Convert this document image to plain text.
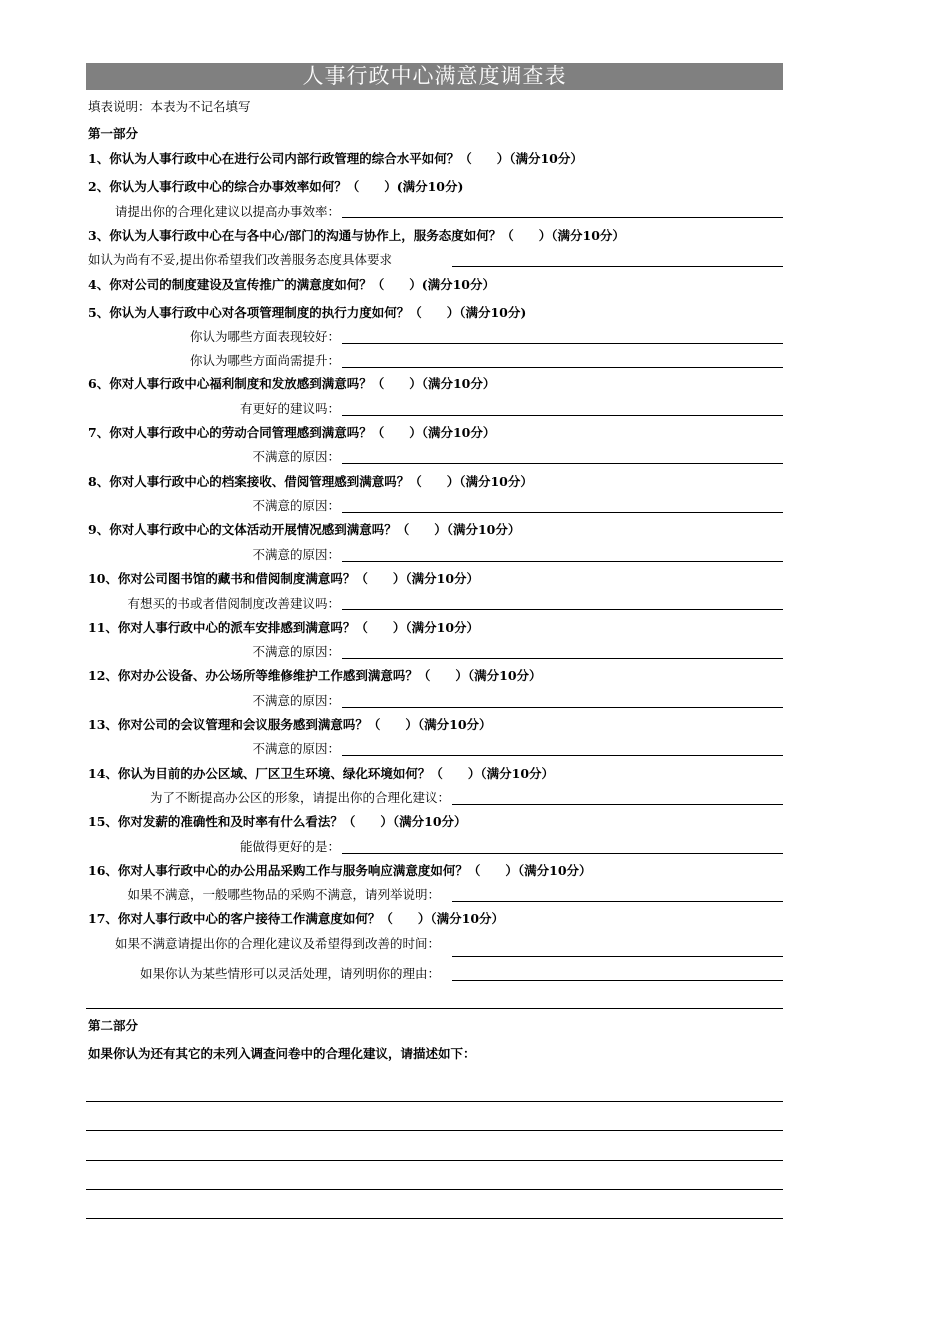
人事行政中心满意度调查表
填表说明：本表为不记名填写
第一部分
1、你认为人事行政中心在进行公司内部行政管理的综合水平如何？（　　）（满分10分）
2、你认为人事行政中心的综合办事效率如何？（　　）(满分10分)
请提出你的合理化建议以提高办事效率：
3、你认为人事行政中心在与各中心/部门的沟通与协作上，服务态度如何？（　　）（满分10分）
如认为尚有不妥,提出你希望我们改善服务态度具体要求
4、你对公司的制度建设及宣传推广的满意度如何？（　　）(满分10分）
5、你认为人事行政中心对各项管理制度的执行力度如何？（　　）（满分10分)
你认为哪些方面表现较好：
你认为哪些方面尚需提升：
6、你对人事行政中心福利制度和发放感到满意吗？（　　）（满分10分）
有更好的建议吗：
7、你对人事行政中心的劳动合同管理感到满意吗？（　　）（满分10分）
不满意的原因：
8、你对人事行政中心的档案接收、借阅管理感到满意吗？（　　）（满分10分）
不满意的原因：
9、你对人事行政中心的文体活动开展情况感到满意吗？（　　）（满分10分）
不满意的原因：
10、你对公司图书馆的藏书和借阅制度满意吗？（　　）（满分10分）
有想买的书或者借阅制度改善建议吗：
11、你对人事行政中心的派车安排感到满意吗？（　　）（满分10分）
不满意的原因：
12、你对办公设备、办公场所等维修维护工作感到满意吗？（　　）（满分10分）
不满意的原因：
13、你对公司的会议管理和会议服务感到满意吗？（　　）（满分10分）
不满意的原因：
14、你认为目前的办公区域、厂区卫生环境、绿化环境如何？（　　）（满分10分）
为了不断提高办公区的形象，请提出你的合理化建议：
15、你对发薪的准确性和及时率有什么看法？（　　）（满分10分）
能做得更好的是：
16、你对人事行政中心的办公用品采购工作与服务响应满意度如何？（　　）（满分10分）
如果不满意，一般哪些物品的采购不满意，请列举说明：
17、你对人事行政中心的客户接待工作满意度如何？（　　）（满分10分）
如果不满意请提出你的合理化建议及希望得到改善的时间：
如果你认为某些情形可以灵活处理，请列明你的理由：
第二部分
如果你认为还有其它的未列入调查问卷中的合理化建议，请描述如下：
